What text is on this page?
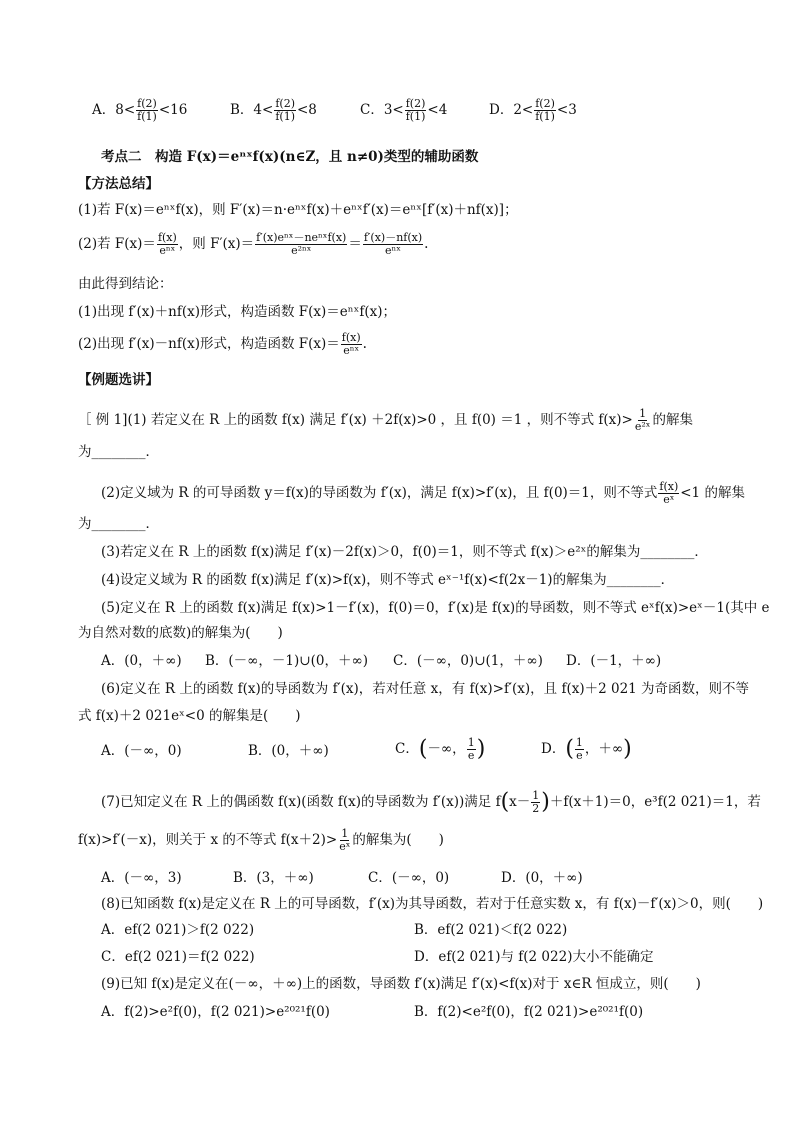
A．$8< \frac{f(2)}{f(1)} <16$	B．$4< \frac{f(2)}{f(1)} <8$	C．$3< \frac{f(2)}{f(1)} <4$	D．$2< \frac{f(2)}{f(1)} <3$
考点二　构造 F(x)＝eⁿˣf(x)(n∈Z，且 n≠0)类型的辅助函数
【方法总结】
(1)若 F(x)＝eⁿˣf(x)，则 F′(x)＝n·eⁿˣf(x)＋eⁿˣf′(x)＝eⁿˣ[f′(x)＋nf(x)]；
(2)若 $F(x)= \frac{f(x)}{\text{eⁿˣ}}$ ，则 $F'(x)= \frac{\text{f′(x)eⁿˣ－neⁿˣf(x)}}{\text{e²ⁿˣ}} = \frac{f'(x)-nf(x)}{\text{eⁿˣ}}$ .
由此得到结论：
(1)出现 f′(x)＋nf(x)形式，构造函数 F(x)＝eⁿˣf(x)；
(2)出现 f′(x)－nf(x)形式，构造函数 $F(x)= \frac{f(x)}{\text{eⁿˣ}}$ .
【例题选讲】
［ 例 1](1) 若定义在 R 上的函数 f(x) 满足 f′(x) ＋2f(x)>0 ，且 f(0) ＝1 ，则不等式 $f(x)> \frac{1}{\text{e²ˣ}}$ 的解集
为________．
(2)定义域为 R 的可导函数 y＝f(x)的导函数为 f′(x)，满足 f(x)>f′(x)，且 f(0)＝1，则不等式 $\frac{f(x)}{\text{eˣ}} <1$ 的解集
为________．
(3)若定义在 R 上的函数 f(x)满足 f′(x)－2f(x)＞0，f(0)＝1，则不等式 f(x)＞e²ˣ的解集为________．
(4)设定义域为 R 的函数 f(x)满足 f′(x)>f(x)，则不等式 eˣ⁻¹f(x)<f(2x－1)的解集为________．
(5)定义在 R 上的函数 f(x)满足 f(x)>1－f′(x)，f(0)＝0，f′(x)是 f(x)的导函数，则不等式 eˣf(x)>eˣ－1(其中 e
为自然对数的底数)的解集为(　　)
A．(0，＋∞) B．(－∞，－1)∪(0，＋∞) C．(－∞，0)∪(1，＋∞) D．(－1，＋∞)
(6)定义在 R 上的函数 f(x)的导函数为 f′(x)，若对任意 x，有 f(x)>f′(x)，且 f(x)＋2 021 为奇函数，则不等
式 f(x)＋2 021eˣ<0 的解集是(　　)
A．(－∞，0)	B．(0，＋∞)	C．(－∞， $\frac{1}{e}$ )	D．( $\frac{1}{e}$ ，＋∞)
(7)已知定义在 R 上的偶函数 f(x)(函数 f(x)的导函数为 f′(x))满足 $f(x- \frac{1}{2} )+f(x+1)=0$，e³f(2 021)＝1，若
f(x)>f′(－x)，则关于 x 的不等式 $f(x+2)> \frac{1}{\text{eˣ}}$ 的解集为(　　)
A．(－∞，3)	B．(3，＋∞)	C．(－∞，0)	D．(0，＋∞)
(8)已知函数 f(x)是定义在 R 上的可导函数，f′(x)为其导函数，若对于任意实数 x，有 f(x)－f′(x)＞0，则(　　)
A．ef(2 021)＞f(2 022)	B．ef(2 021)＜f(2 022)
C．ef(2 021)＝f(2 022)	D．ef(2 021)与 f(2 022)大小不能确定
(9)已知 f(x)是定义在(－∞，＋∞)上的函数，导函数 f′(x)满足 f′(x)<f(x)对于 x∈R 恒成立，则(　　)
A．f(2)>e²f(0)，f(2 021)>e²⁰²¹f(0)	B．f(2)<e²f(0)，f(2 021)>e²⁰²¹f(0)
